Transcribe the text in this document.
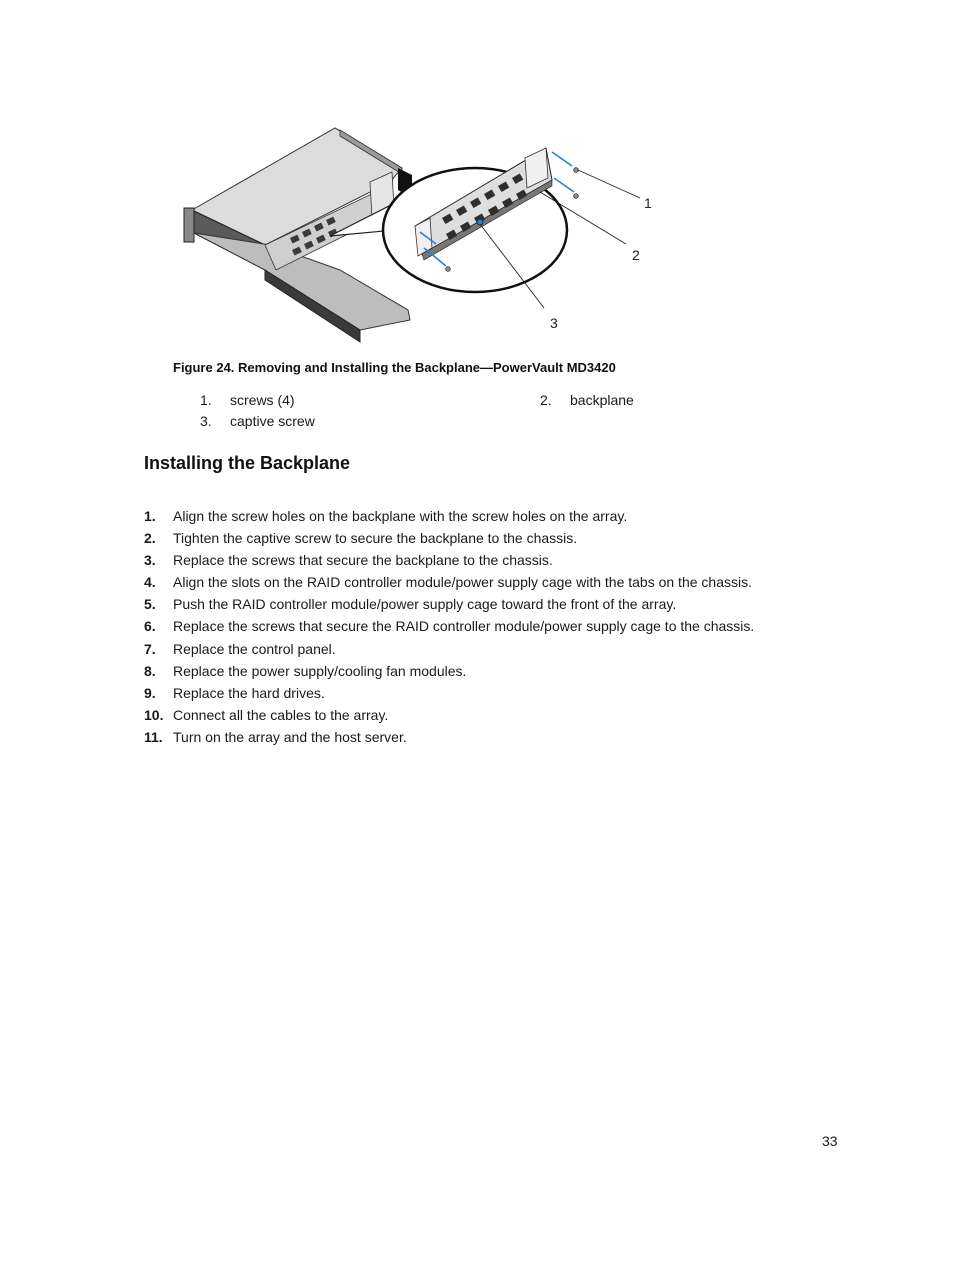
1
2
3
Figure 24. Removing and Installing the Backplane—PowerVault MD3420
1. screws (4)	2. backplane
3. captive screw
Installing the Backplane
1. Align the screw holes on the backplane with the screw holes on the array.
2. Tighten the captive screw to secure the backplane to the chassis.
3. Replace the screws that secure the backplane to the chassis.
4. Align the slots on the RAID controller module/power supply cage with the tabs on the chassis.
5. Push the RAID controller module/power supply cage toward the front of the array.
6. Replace the screws that secure the RAID controller module/power supply cage to the chassis.
7. Replace the control panel.
8. Replace the power supply/cooling fan modules.
9. Replace the hard drives.
10. Connect all the cables to the array.
11. Turn on the array and the host server.
33
